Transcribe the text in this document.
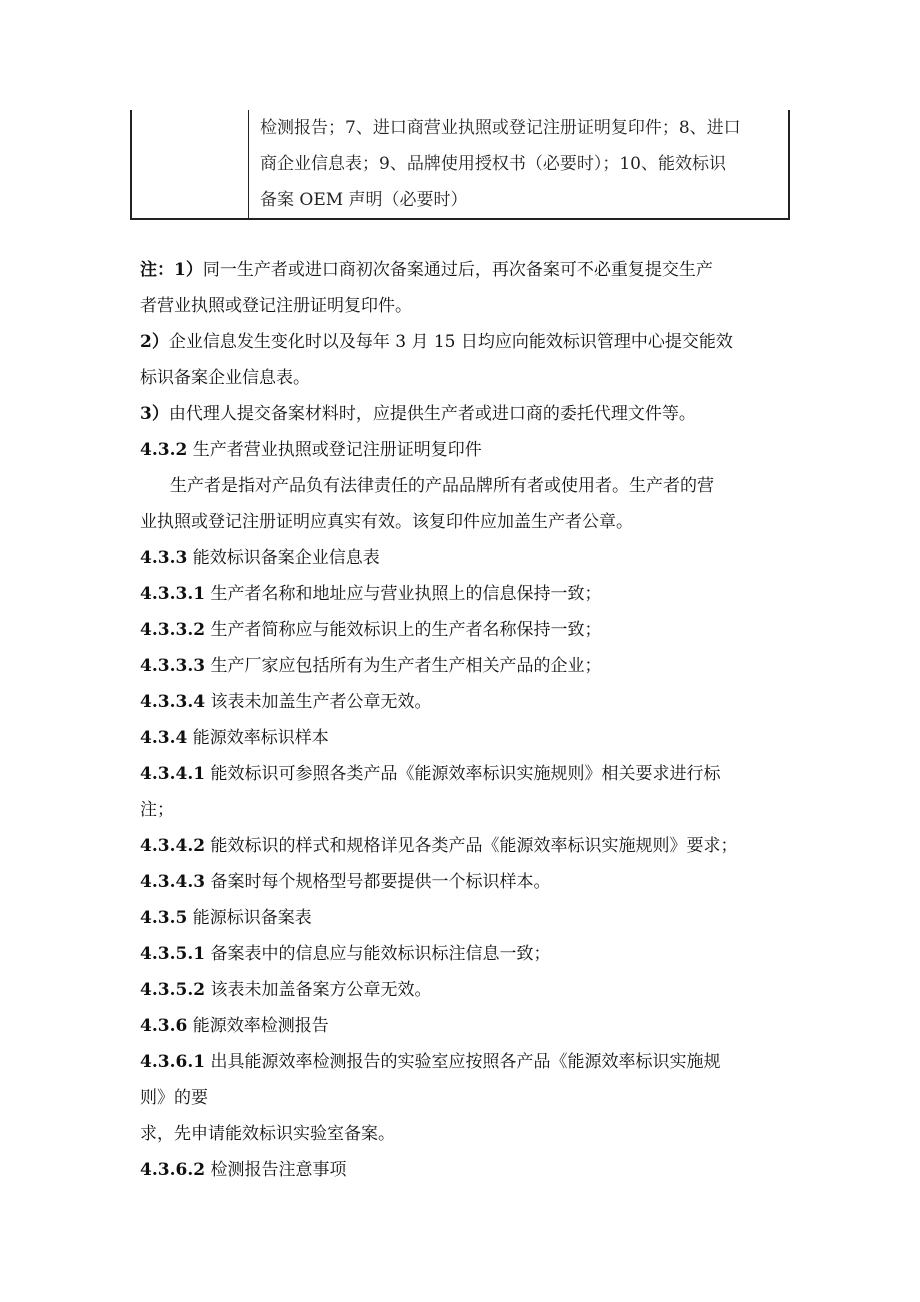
检测报告；7、进口商营业执照或登记注册证明复印件；8、进口
商企业信息表；9、品牌使用授权书（必要时）；10、能效标识
备案 OEM 声明（必要时）
注：1）同一生产者或进口商初次备案通过后，再次备案可不必重复提交生产
者营业执照或登记注册证明复印件。
2）企业信息发生变化时以及每年 3 月 15 日均应向能效标识管理中心提交能效
标识备案企业信息表。
3）由代理人提交备案材料时，应提供生产者或进口商的委托代理文件等。
4.3.2 生产者营业执照或登记注册证明复印件
生产者是指对产品负有法律责任的产品品牌所有者或使用者。生产者的营
业执照或登记注册证明应真实有效。该复印件应加盖生产者公章。
4.3.3 能效标识备案企业信息表
4.3.3.1 生产者名称和地址应与营业执照上的信息保持一致；
4.3.3.2 生产者简称应与能效标识上的生产者名称保持一致；
4.3.3.3 生产厂家应包括所有为生产者生产相关产品的企业；
4.3.3.4 该表未加盖生产者公章无效。
4.3.4 能源效率标识样本
4.3.4.1 能效标识可参照各类产品《能源效率标识实施规则》相关要求进行标
注；
4.3.4.2 能效标识的样式和规格详见各类产品《能源效率标识实施规则》要求；
4.3.4.3 备案时每个规格型号都要提供一个标识样本。
4.3.5 能源标识备案表
4.3.5.1 备案表中的信息应与能效标识标注信息一致；
4.3.5.2 该表未加盖备案方公章无效。
4.3.6 能源效率检测报告
4.3.6.1 出具能源效率检测报告的实验室应按照各产品《能源效率标识实施规
则》的要
求，先申请能效标识实验室备案。
4.3.6.2 检测报告注意事项
